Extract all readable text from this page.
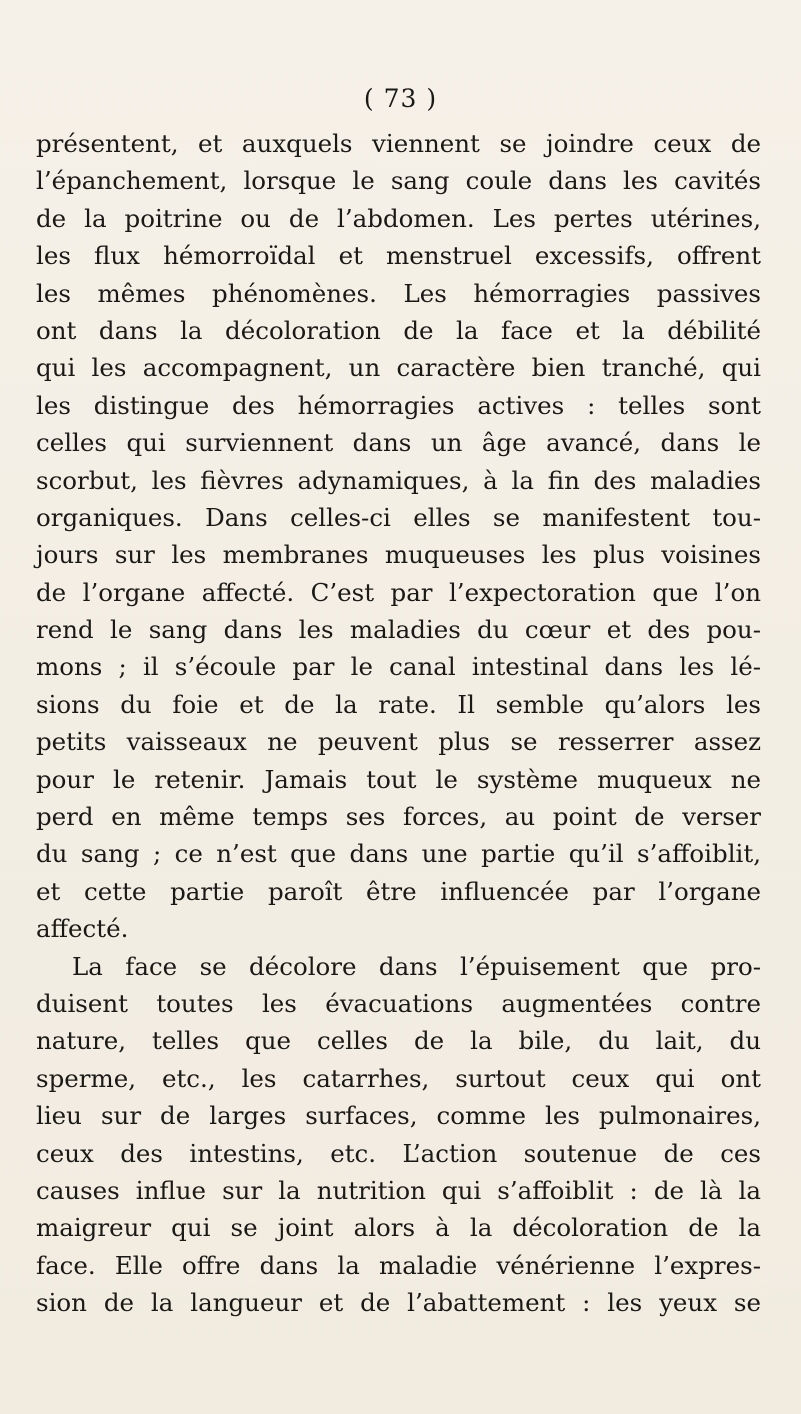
( 73 )
présentent, et auxquels viennent se joindre ceux de
l’épanchement, lorsque le sang coule dans les cavités
de la poitrine ou de l’abdomen. Les pertes utérines,
les flux hémorroïdal et menstruel excessifs, offrent
les mêmes phénomènes. Les hémorragies passives
ont dans la décoloration de la face et la débilité
qui les accompagnent, un caractère bien tranché, qui
les distingue des hémorragies actives : telles sont
celles qui surviennent dans un âge avancé, dans le
scorbut, les fièvres adynamiques, à la fin des maladies
organiques. Dans celles-ci elles se manifestent tou-
jours sur les membranes muqueuses les plus voisines
de l’organe affecté. C’est par l’expectoration que l’on
rend le sang dans les maladies du cœur et des pou-
mons ; il s’écoule par le canal intestinal dans les lé-
sions du foie et de la rate. Il semble qu’alors les
petits vaisseaux ne peuvent plus se resserrer assez
pour le retenir. Jamais tout le système muqueux ne
perd en même temps ses forces, au point de verser
du sang ; ce n’est que dans une partie qu’il s’affoiblit,
et cette partie paroît être influencée par l’organe
affecté.
La face se décolore dans l’épuisement que pro-
duisent toutes les évacuations augmentées contre
nature, telles que celles de la bile, du lait, du
sperme, etc., les catarrhes, surtout ceux qui ont
lieu sur de larges surfaces, comme les pulmonaires,
ceux des intestins, etc. L’action soutenue de ces
causes influe sur la nutrition qui s’affoiblit : de là la
maigreur qui se joint alors à la décoloration de la
face. Elle offre dans la maladie vénérienne l’expres-
sion de la langueur et de l’abattement : les yeux se
